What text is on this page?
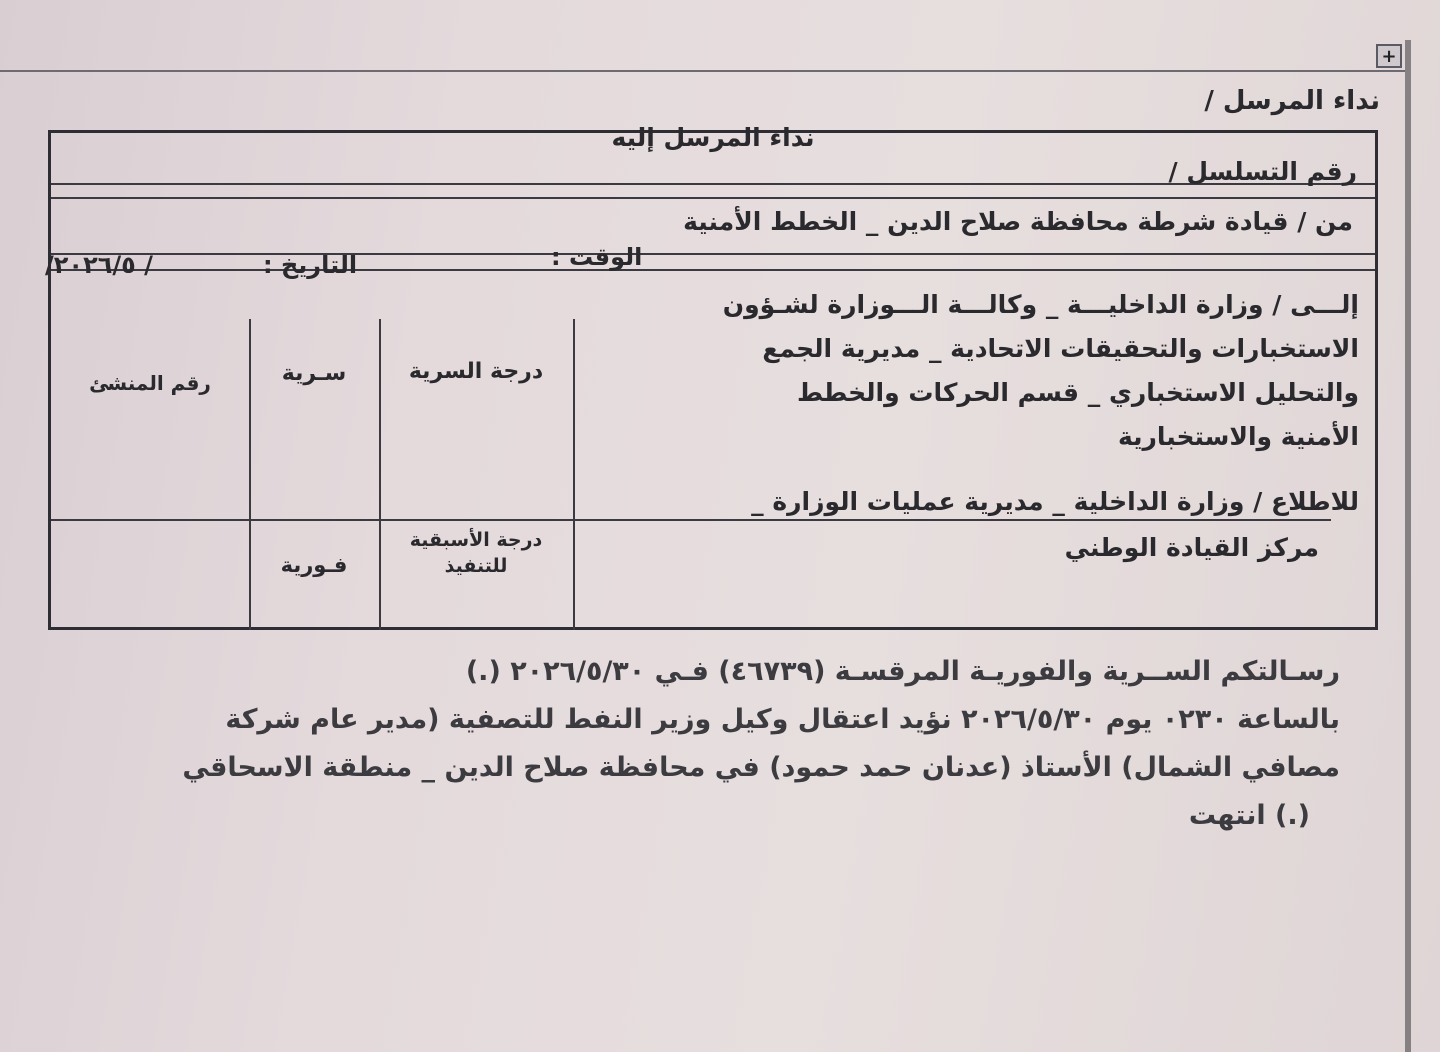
+
نداء المرسل /
نداء المرسل إليه
رقم التسلسل /
من / قيادة شرطة محافظة صلاح الدين _ الخطط الأمنية
الوقت :
التاريخ :
/ ٢٠٢٦/٥/
إلـــى / وزارة الداخليـــة _ وكالـــة الـــوزارة لشـؤون
الاستخبارات والتحقيقات الاتحادية _ مديرية الجمع
والتحليل الاستخباري _ قسم الحركات والخطط
الأمنية والاستخبارية
درجة السرية
سـرية
رقم المنشئ
للاطلاع / وزارة الداخلية _ مديرية عمليات الوزارة _
مركز القيادة الوطني
درجة الأسبقية
للتنفيذ
فـورية

رسـالتكم الســرية والفوريـة المرقسـة (٤٦٧٣٩) فـي ٢٠٢٦/٥/٣٠ (.)

بالساعة ٠٢٣٠ يوم ٢٠٢٦/٥/٣٠ نؤيد اعتقال وكيل وزير النفط للتصفية (مدير عام شركة

مصافي الشمال) الأستاذ (عدنان حمد حمود) في محافظة صلاح الدين _ منطقة الاسحاقي

(.) انتهت
